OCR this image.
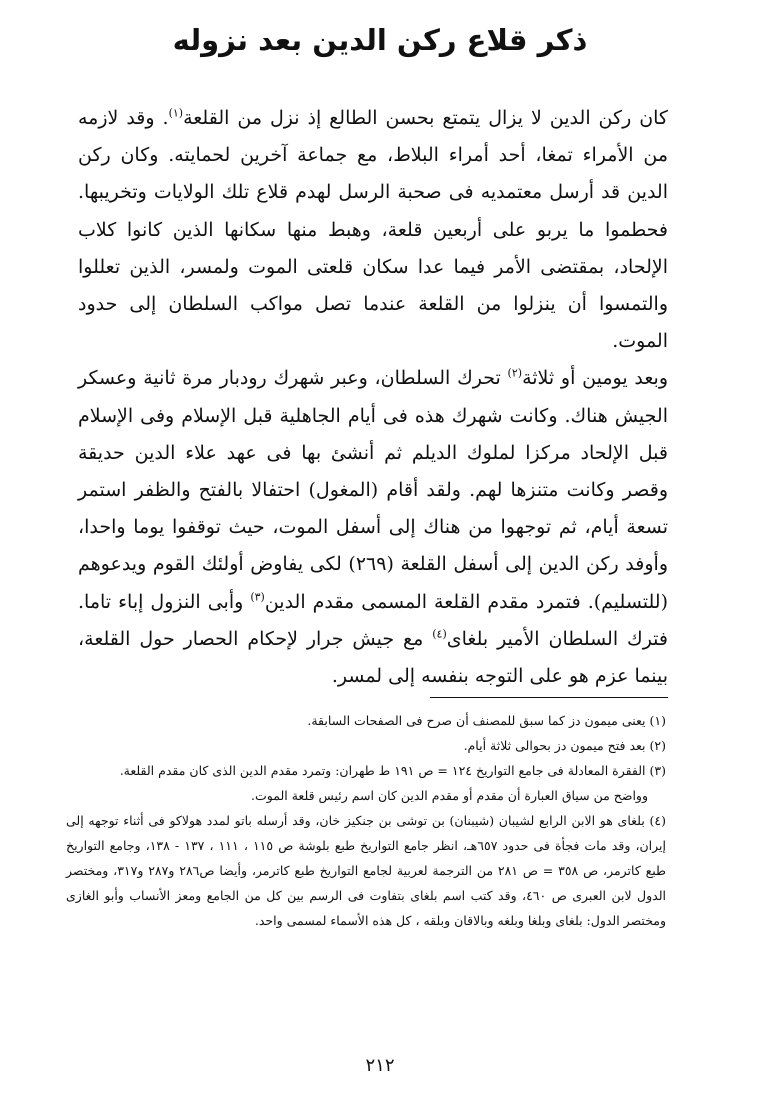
ذكر قلاع ركن الدين بعد نزوله

كان ركن الدين لا يزال يتمتع بحسن الطالع إذ نزل من القلعة$^{(١)}$. وقد لازمه من الأمراء تمغا، أحد أمراء البلاط، مع جماعة آخرين لحمايته. وكان ركن الدين قد أرسل معتمديه فى صحبة الرسل لهدم قلاع تلك الولايات وتخريبها. فحطموا ما يربو على أربعين قلعة، وهبط منها سكانها الذين كانوا كلاب الإلحاد، بمقتضى الأمر فيما عدا سكان قلعتى الموت ولمسر، الذين تعللوا والتمسوا أن ينزلوا من القلعة عندما تصل مواكب السلطان إلى حدود الموت.

وبعد يومين أو ثلاثة$^{(٢)}$ تحرك السلطان، وعبر شهرك رودبار مرة ثانية وعسكر الجيش هناك. وكانت شهرك هذه فى أيام الجاهلية قبل الإسلام وفى الإسلام قبل الإلحاد مركزا لملوك الديلم ثم أنشئ بها فى عهد علاء الدين حديقة وقصر وكانت متنزها لهم. ولقد أقام (المغول) احتفالا بالفتح والظفر استمر تسعة أيام، ثم توجهوا من هناك إلى أسفل الموت، حيث توقفوا يوما واحدا، وأوفد ركن الدين إلى أسفل القلعة (٢٦٩) لكى يفاوض أولئك القوم ويدعوهم (للتسليم). فتمرد مقدم القلعة المسمى مقدم الدين$^{(٣)}$ وأبى النزول إباء تاما. فترك السلطان الأمير بلغاى$^{(٤)}$ مع جيش جرار لإحكام الحصار حول القلعة، بينما عزم هو على التوجه بنفسه إلى لمسر.

(١) يعنى ميمون دز كما سبق للمصنف أن صرح فى الصفحات السابقة.

(٢) بعد فتح ميمون دز بحوالى ثلاثة أيام.

(٣) الفقرة المعادلة فى جامع التواريخ ١٢٤ = ص ١٩١ ط طهران: وتمرد مقدم الدين الذى كان مقدم القلعة.

وواضح من سياق العبارة أن مقدم أو مقدم الدين كان اسم رئيس قلعة الموت.

(٤) بلغاى هو الابن الرابع لشيبان (شيبنان) بن توشى بن جنكيز خان، وقد أرسله باتو لمدد هولاكو فى أثناء توجهه إلى إيران، وقد مات فجأة فى حدود ٦٥٧هـ، انظر جامع التواريخ طبع بلوشة ص ١١٥ ، ١١١ ، ١٣٧ - ١٣٨، وجامع التواريخ طبع كاترمر، ص ٣٥٨ = ص ٢٨١ من الترجمة لعربية لجامع التواريخ طبع كاترمر، وأيضا ص٢٨٦ و٢٨٧ و٣١٧، ومختصر الدول لابن العبرى ص ٤٦٠، وقد كتب اسم بلغاى بتفاوت فى الرسم بين كل من الجامع ومعز الأنساب وأبو الغازى ومختصر الدول: بلغاى وبلغا وبلغه وبالاقان وبلقه ، كل هذه الأسماء لمسمى واحد.

٢١٢
